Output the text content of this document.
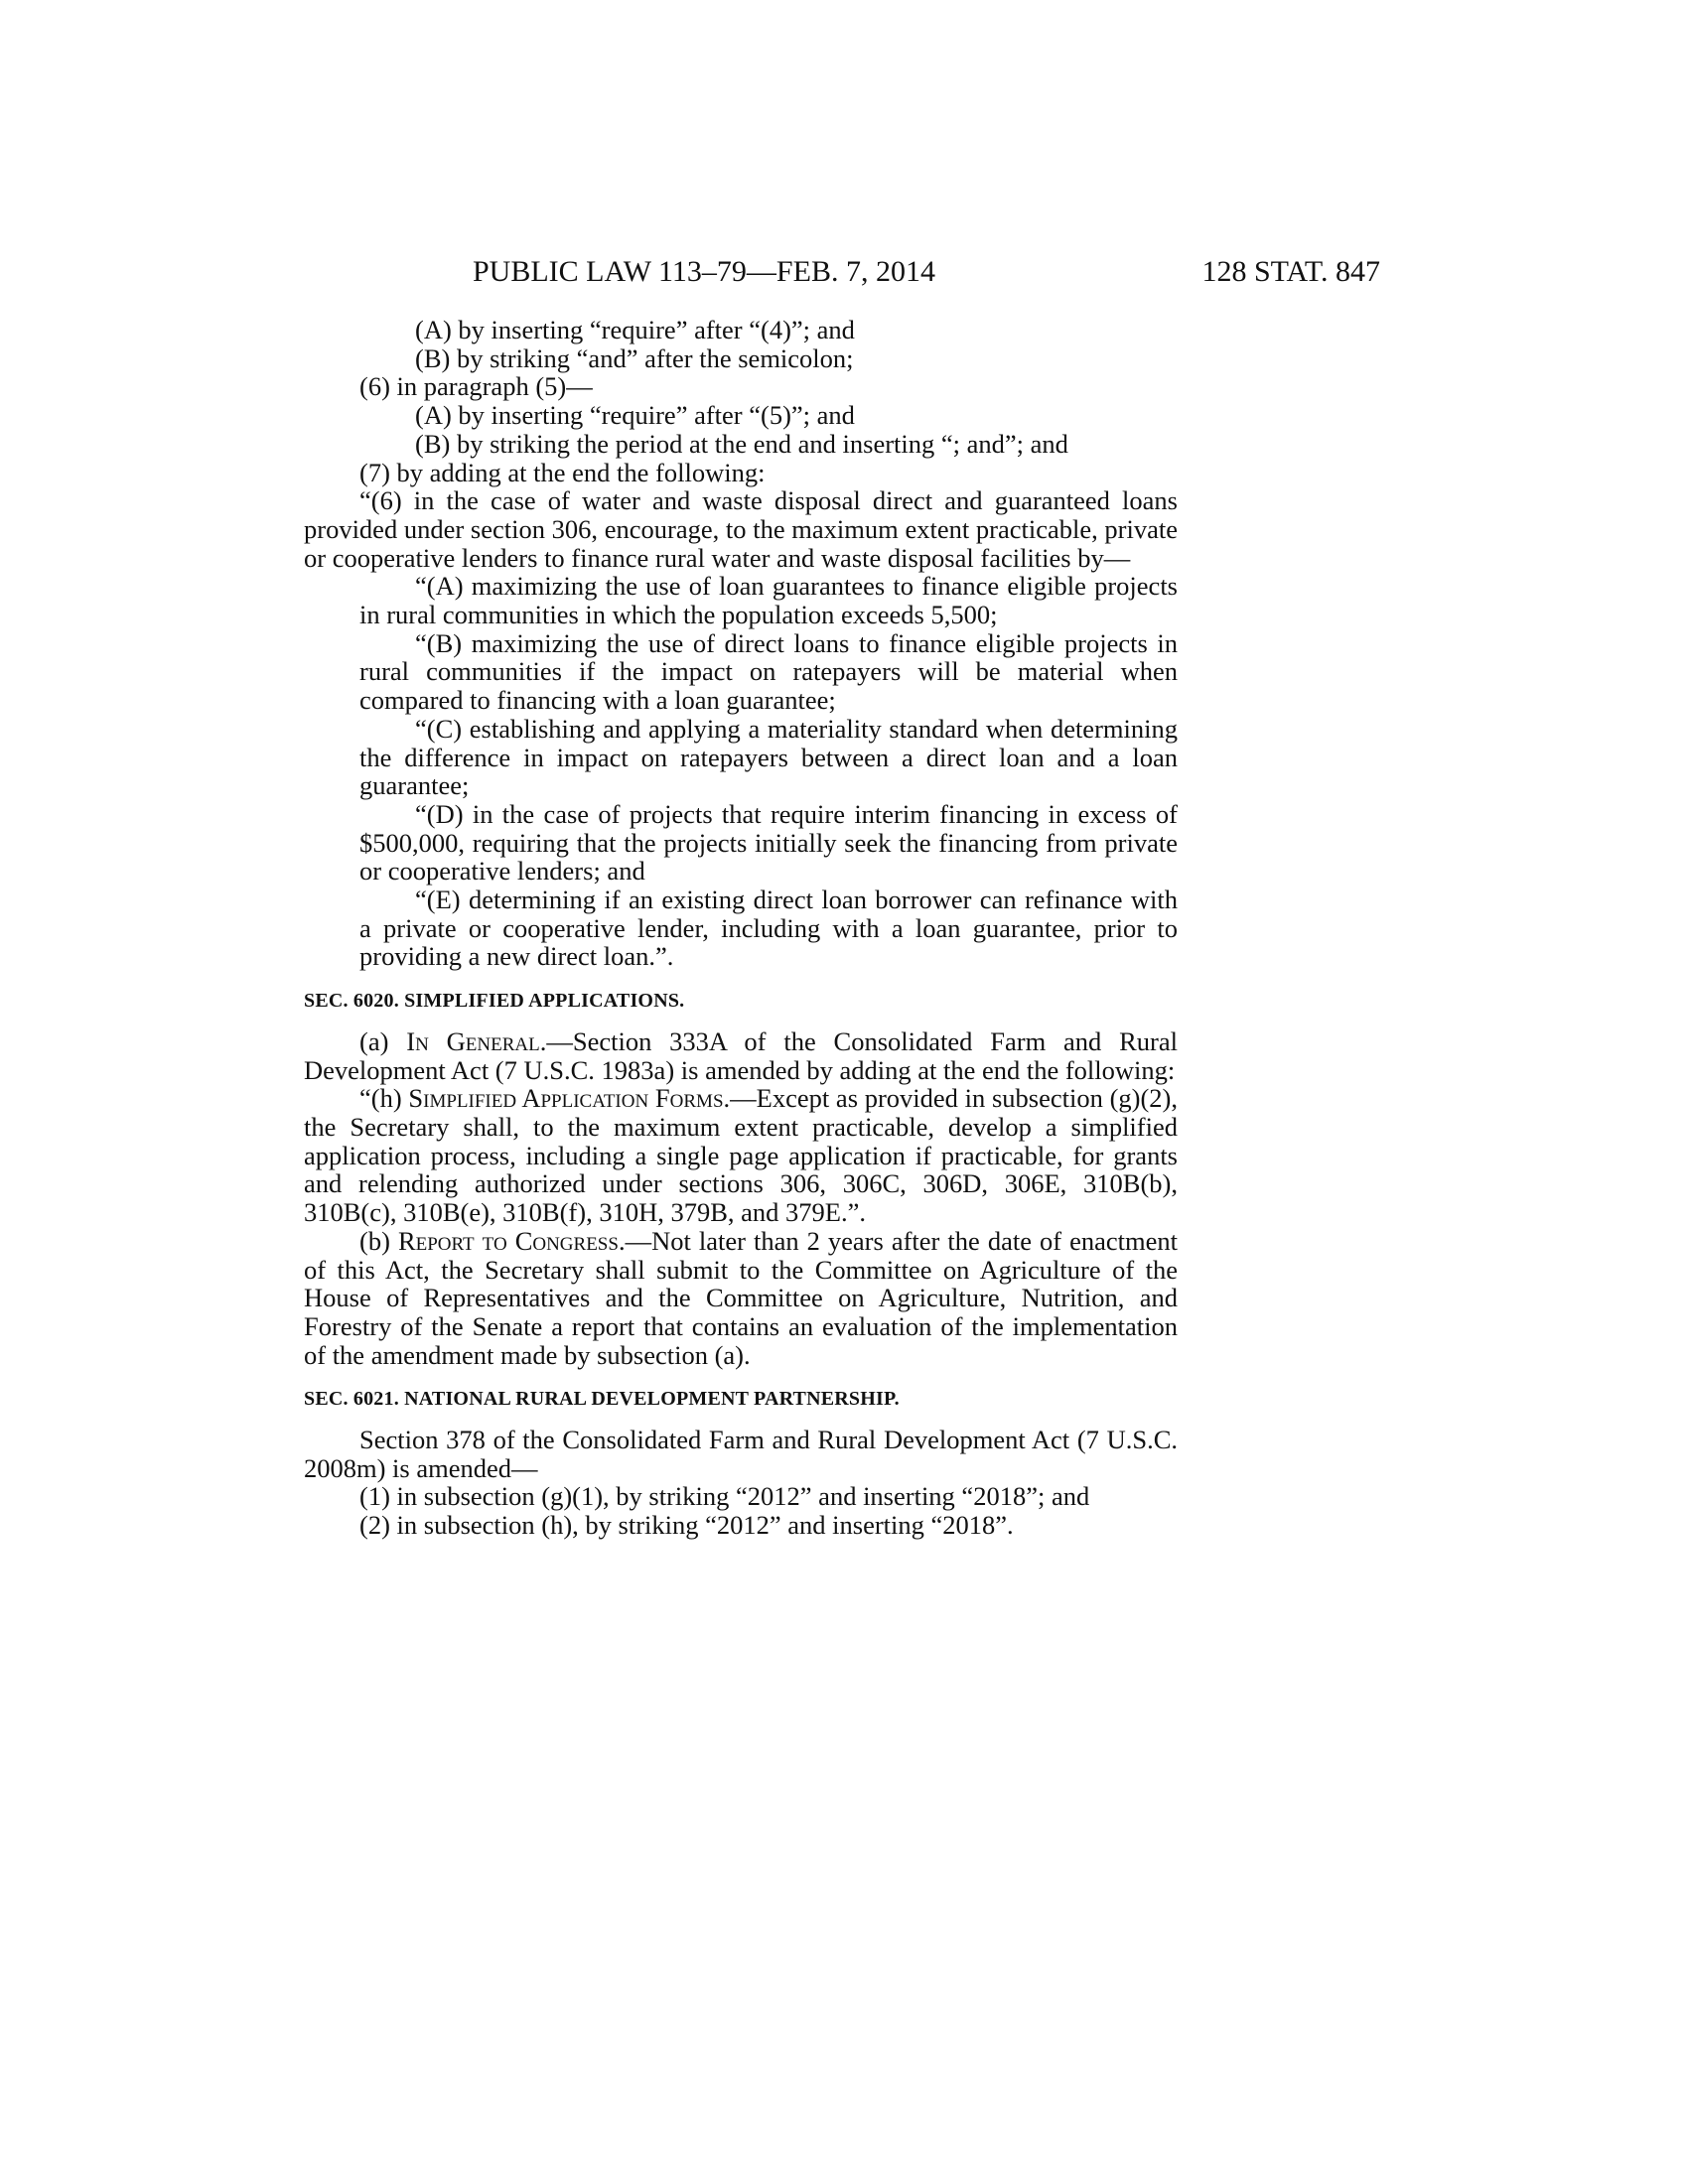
PUBLIC LAW 113–79—FEB. 7, 2014	128 STAT. 847

(A) by inserting “require” after “(4)”; and

(B) by striking “and” after the semicolon;

(6) in paragraph (5)—

(A) by inserting “require” after “(5)”; and

(B) by striking the period at the end and inserting “; and”; and

(7) by adding at the end the following:

“(6) in the case of water and waste disposal direct and guaranteed loans provided under section 306, encourage, to the maximum extent practicable, private or cooperative lenders to finance rural water and waste disposal facilities by—

“(A) maximizing the use of loan guarantees to finance eligible projects in rural communities in which the population exceeds 5,500;

“(B) maximizing the use of direct loans to finance eligible projects in rural communities if the impact on ratepayers will be material when compared to financing with a loan guarantee;

“(C) establishing and applying a materiality standard when determining the difference in impact on ratepayers between a direct loan and a loan guarantee;

“(D) in the case of projects that require interim financing in excess of $500,000, requiring that the projects initially seek the financing from private or cooperative lenders; and

“(E) determining if an existing direct loan borrower can refinance with a private or cooperative lender, including with a loan guarantee, prior to providing a new direct loan.”.

SEC. 6020. SIMPLIFIED APPLICATIONS.

(a) In General.—Section 333A of the Consolidated Farm and Rural Development Act (7 U.S.C. 1983a) is amended by adding at the end the following:

“(h) Simplified Application Forms.—Except as provided in subsection (g)(2), the Secretary shall, to the maximum extent practicable, develop a simplified application process, including a single page application if practicable, for grants and relending authorized under sections 306, 306C, 306D, 306E, 310B(b), 310B(c), 310B(e), 310B(f), 310H, 379B, and 379E.”.

(b) Report to Congress.—Not later than 2 years after the date of enactment of this Act, the Secretary shall submit to the Committee on Agriculture of the House of Representatives and the Committee on Agriculture, Nutrition, and Forestry of the Senate a report that contains an evaluation of the implementation of the amendment made by subsection (a).

SEC. 6021. NATIONAL RURAL DEVELOPMENT PARTNERSHIP.

Section 378 of the Consolidated Farm and Rural Development Act (7 U.S.C. 2008m) is amended—

(1) in subsection (g)(1), by striking “2012” and inserting “2018”; and

(2) in subsection (h), by striking “2012” and inserting “2018”.
